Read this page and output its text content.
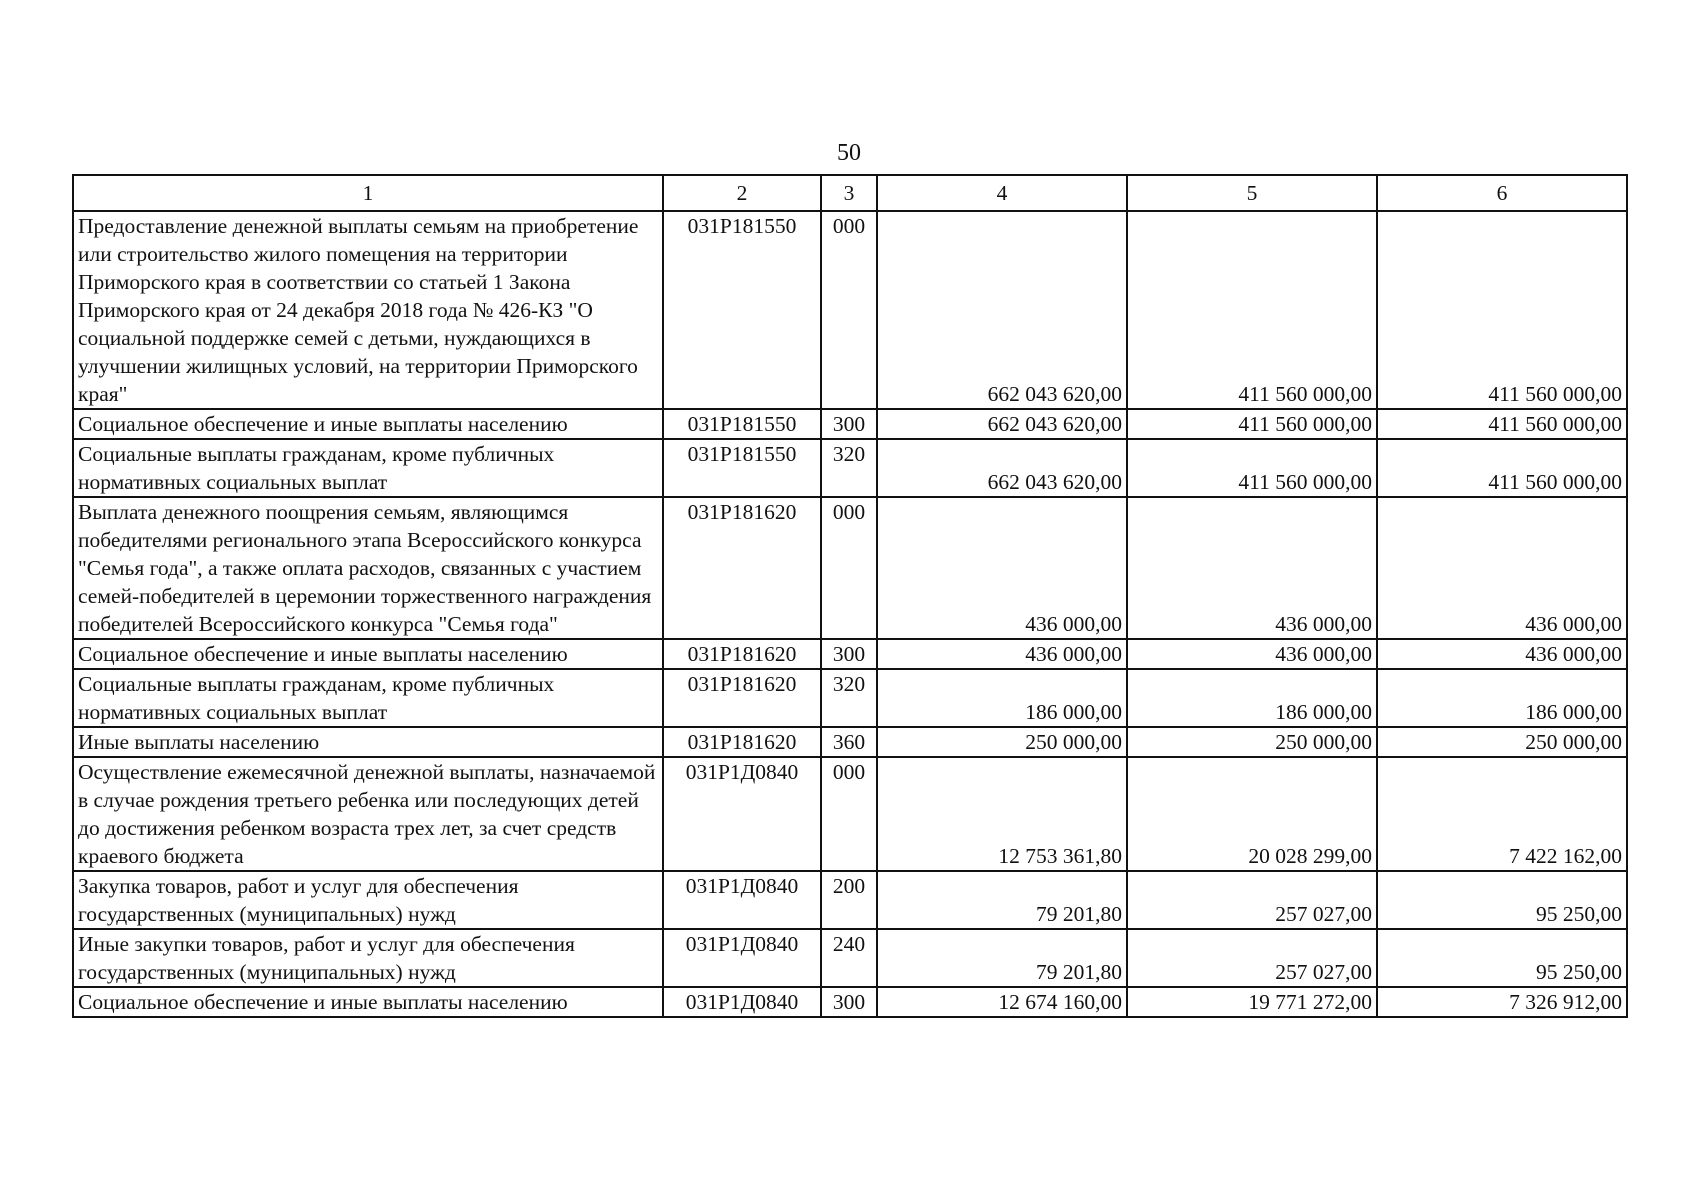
50
1	2	3	4	5	6
Предоставление денежной выплаты семьям на приобретение или строительство жилого помещения на территории Приморского края в соответствии со статьей 1 Закона Приморского края от 24 декабря 2018 года № 426-КЗ "О социальной поддержке семей с детьми, нуждающихся в улучшении жилищных условий, на территории Приморского края"	031Р181550	000	662 043 620,00	411 560 000,00	411 560 000,00
Социальное обеспечение и иные выплаты населению	031Р181550	300	662 043 620,00	411 560 000,00	411 560 000,00
Социальные выплаты гражданам, кроме публичных нормативных социальных выплат	031Р181550	320	662 043 620,00	411 560 000,00	411 560 000,00
Выплата денежного поощрения семьям, являющимся победителями регионального этапа Всероссийского конкурса "Семья года", а также оплата расходов, связанных с участием семей-победителей в церемонии торжественного награждения победителей Всероссийского конкурса "Семья года"	031Р181620	000	436 000,00	436 000,00	436 000,00
Социальное обеспечение и иные выплаты населению	031Р181620	300	436 000,00	436 000,00	436 000,00
Социальные выплаты гражданам, кроме публичных нормативных социальных выплат	031Р181620	320	186 000,00	186 000,00	186 000,00
Иные выплаты населению	031Р181620	360	250 000,00	250 000,00	250 000,00
Осуществление ежемесячной денежной выплаты, назначаемой в случае рождения третьего ребенка или последующих детей до достижения ребенком возраста трех лет, за счет средств краевого бюджета	031Р1Д0840	000	12 753 361,80	20 028 299,00	7 422 162,00
Закупка товаров, работ и услуг для обеспечения государственных (муниципальных) нужд	031Р1Д0840	200	79 201,80	257 027,00	95 250,00
Иные закупки товаров, работ и услуг для обеспечения государственных (муниципальных) нужд	031Р1Д0840	240	79 201,80	257 027,00	95 250,00
Социальное обеспечение и иные выплаты населению	031Р1Д0840	300	12 674 160,00	19 771 272,00	7 326 912,00
